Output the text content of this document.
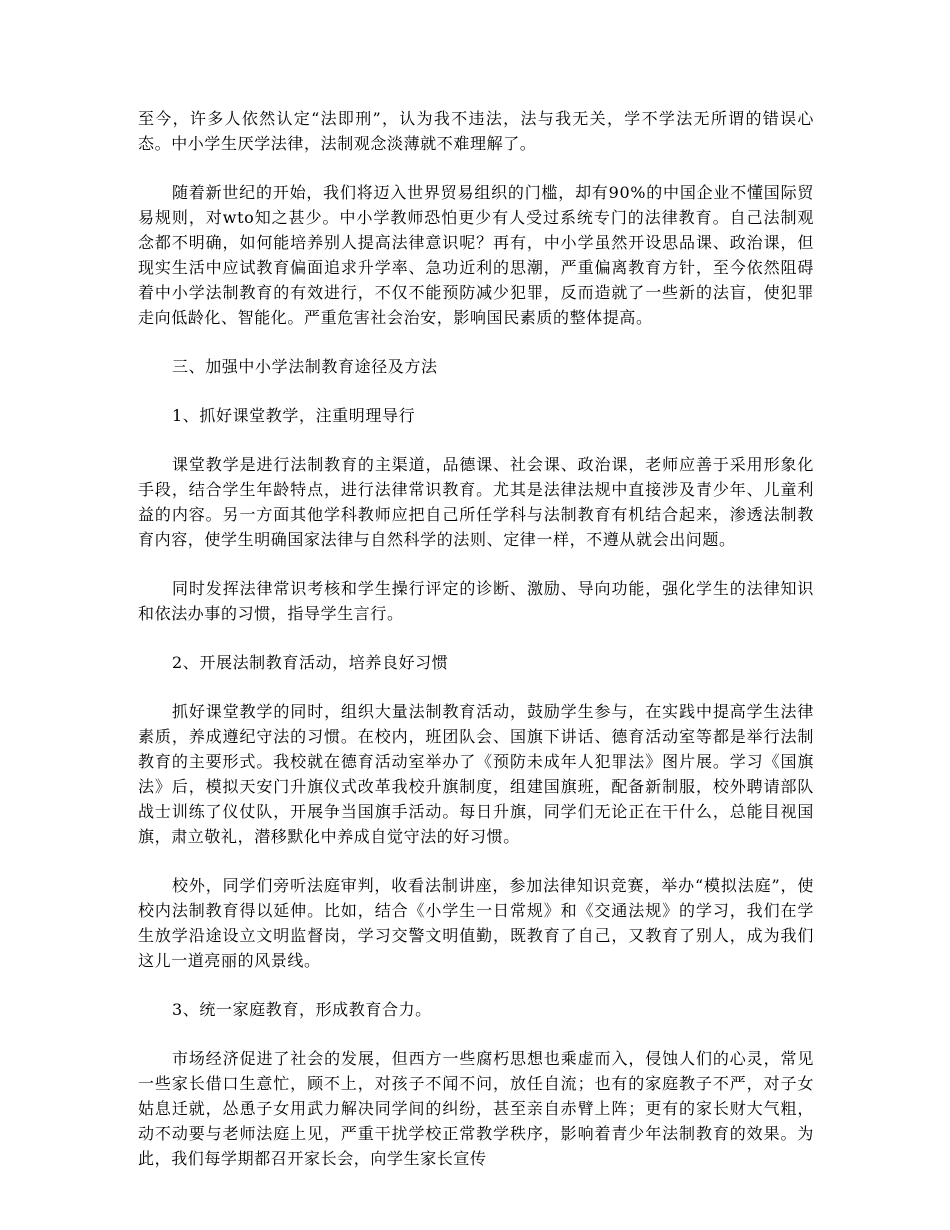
至今，许多人依然认定“法即刑”，认为我不违法，法与我无关，学不学法无所谓的错误心态。中小学生厌学法律，法制观念淡薄就不难理解了。

随着新世纪的开始，我们将迈入世界贸易组织的门槛，却有90%的中国企业不懂国际贸易规则，对wto知之甚少。中小学教师恐怕更少有人受过系统专门的法律教育。自己法制观念都不明确，如何能培养别人提高法律意识呢？再有，中小学虽然开设思品课、政治课，但现实生活中应试教育偏面追求升学率、急功近利的思潮，严重偏离教育方针，至今依然阻碍着中小学法制教育的有效进行，不仅不能预防减少犯罪，反而造就了一些新的法盲，使犯罪走向低龄化、智能化。严重危害社会治安，影响国民素质的整体提高。

三、加强中小学法制教育途径及方法

1、抓好课堂教学，注重明理导行

课堂教学是进行法制教育的主渠道，品德课、社会课、政治课，老师应善于采用形象化手段，结合学生年龄特点，进行法律常识教育。尤其是法律法规中直接涉及青少年、儿童利益的内容。另一方面其他学科教师应把自己所任学科与法制教育有机结合起来，渗透法制教育内容，使学生明确国家法律与自然科学的法则、定律一样，不遵从就会出问题。

同时发挥法律常识考核和学生操行评定的诊断、激励、导向功能，强化学生的法律知识和依法办事的习惯，指导学生言行。

2、开展法制教育活动，培养良好习惯

抓好课堂教学的同时，组织大量法制教育活动，鼓励学生参与，在实践中提高学生法律素质，养成遵纪守法的习惯。在校内，班团队会、国旗下讲话、德育活动室等都是举行法制教育的主要形式。我校就在德育活动室举办了《预防未成年人犯罪法》图片展。学习《国旗法》后，模拟天安门升旗仪式改革我校升旗制度，组建国旗班，配备新制服，校外聘请部队战士训练了仪仗队，开展争当国旗手活动。每日升旗，同学们无论正在干什么，总能目视国旗，肃立敬礼，潜移默化中养成自觉守法的好习惯。

校外，同学们旁听法庭审判，收看法制讲座，参加法律知识竞赛，举办“模拟法庭”，使校内法制教育得以延伸。比如，结合《小学生一日常规》和《交通法规》的学习，我们在学生放学沿途设立文明监督岗，学习交警文明值勤，既教育了自己，又教育了别人，成为我们这儿一道亮丽的风景线。

3、统一家庭教育，形成教育合力。

市场经济促进了社会的发展，但西方一些腐朽思想也乘虚而入，侵蚀人们的心灵，常见一些家长借口生意忙，顾不上，对孩子不闻不问，放任自流；也有的家庭教子不严，对子女姑息迁就，怂恿子女用武力解决同学间的纠纷，甚至亲自赤臂上阵；更有的家长财大气粗，动不动要与老师法庭上见，严重干扰学校正常教学秩序，影响着青少年法制教育的效果。为此，我们每学期都召开家长会，向学生家长宣传
